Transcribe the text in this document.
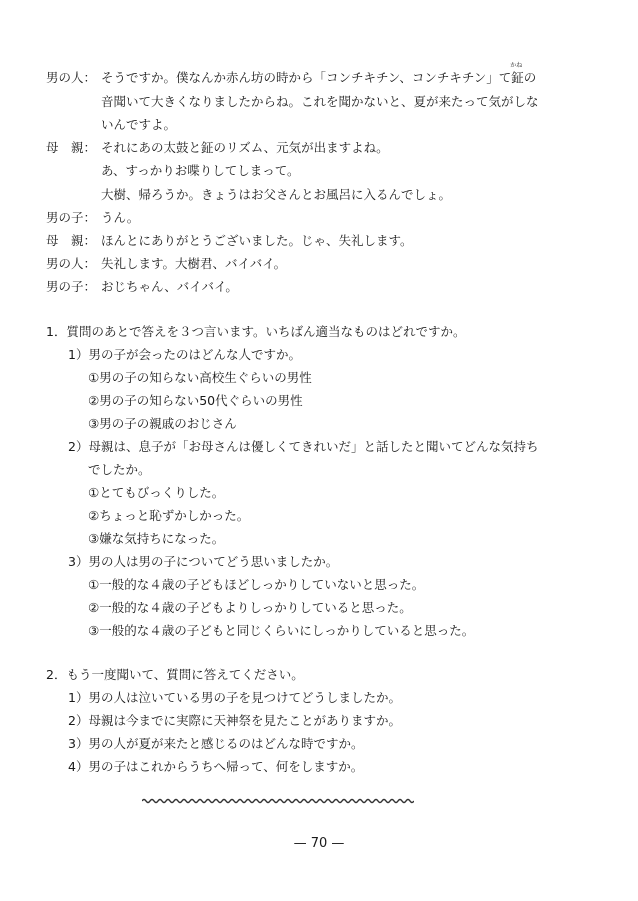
男の人： そうですか。僕なんか赤ん坊の時から「コンチキチン、コンチキチン」て
かね
鉦の
音聞いて大きくなりましたからね。これを聞かないと、夏が来たって気がしな
いんですよ。
母　親： それにあの太鼓と鉦のリズム、元気が出ますよね。
あ、すっかりお喋りしてしまって。
大樹、帰ろうか。きょうはお父さんとお風呂に入るんでしょ。
男の子： うん。
母　親： ほんとにありがとうございました。じゃ、失礼します。
男の人： 失礼します。大樹君、バイバイ。
男の子： おじちゃん、バイバイ。
1．質問のあとで答えを３つ言います。いちばん適当なものはどれですか。
1）男の子が会ったのはどんな人ですか。
①男の子の知らない高校生ぐらいの男性
②男の子の知らない50代ぐらいの男性
③男の子の親戚のおじさん
2）母親は、息子が「お母さんは優しくてきれいだ」と話したと聞いてどんな気持ち
でしたか。
①とてもびっくりした。
②ちょっと恥ずかしかった。
③嫌な気持ちになった。
3）男の人は男の子についてどう思いましたか。
①一般的な４歳の子どもほどしっかりしていないと思った。
②一般的な４歳の子どもよりしっかりしていると思った。
③一般的な４歳の子どもと同じくらいにしっかりしていると思った。
2．もう一度聞いて、質問に答えてください。
1）男の人は泣いている男の子を見つけてどうしましたか。
2）母親は今までに実際に天神祭を見たことがありますか。
3）男の人が夏が来たと感じるのはどんな時ですか。
4）男の子はこれからうちへ帰って、何をしますか。
— 70 —
